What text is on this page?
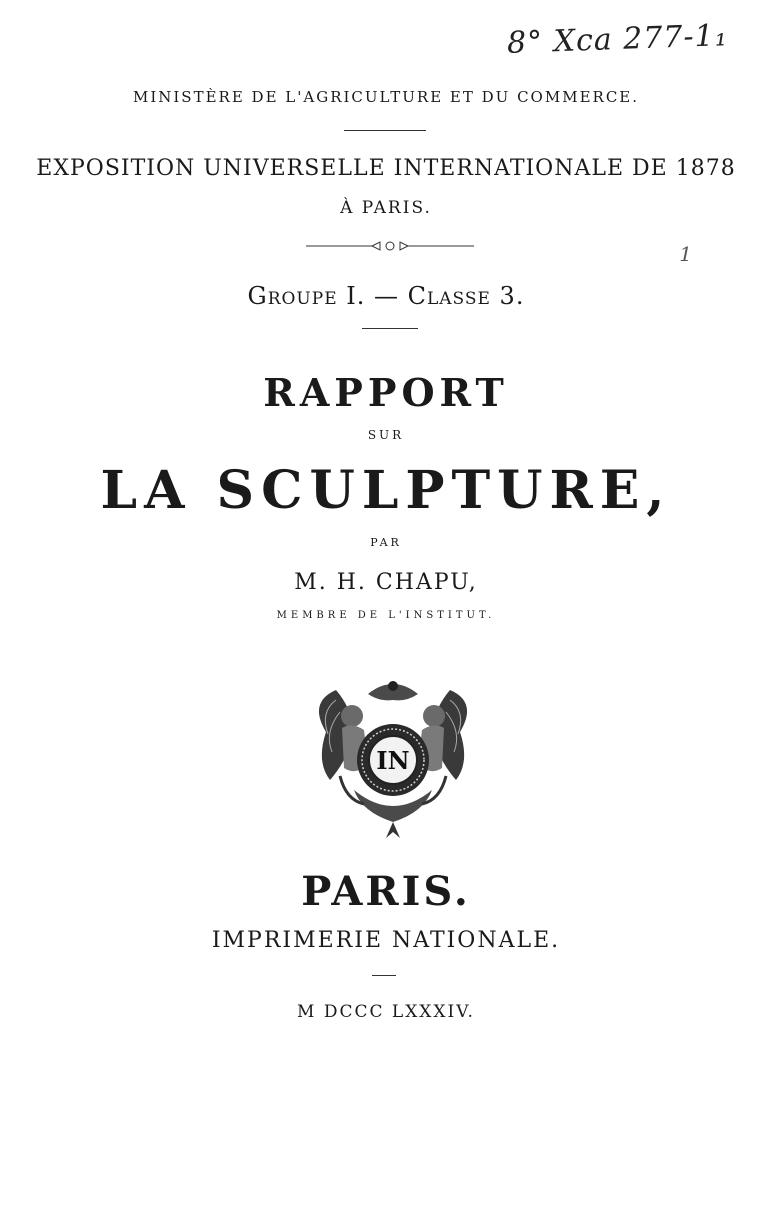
8° Xca 277-1₁
1

MINISTÈRE DE L'AGRICULTURE ET DU COMMERCE.

EXPOSITION UNIVERSELLE INTERNATIONALE DE 1878

À PARIS.

Groupe I. — Classe 3.

RAPPORT

SUR

LA SCULPTURE,

PAR

M. H. CHAPU,

MEMBRE DE L'INSTITUT.

IN

PARIS.

IMPRIMERIE NATIONALE.

M DCCC LXXXIV.
